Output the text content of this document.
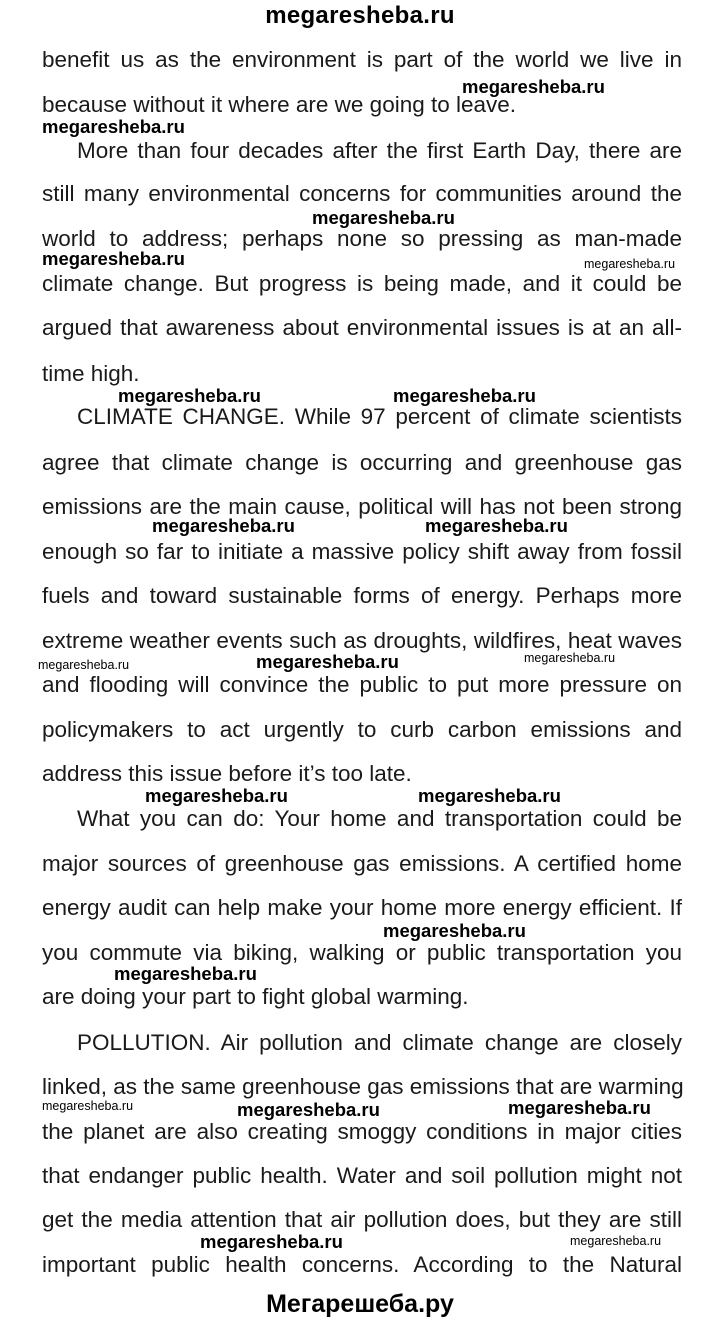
megaresheba.ru
benefit us as the environment is part of the world we live in
because without it where are we going to leave.
More than four decades after the first Earth Day, there are
still many environmental concerns for communities around the
world to address; perhaps none so pressing as man-made
climate change. But progress is being made, and it could be
argued that awareness about environmental issues is at an all-
time high.
CLIMATE CHANGE. While 97 percent of climate scientists
agree that climate change is occurring and greenhouse gas
emissions are the main cause, political will has not been strong
enough so far to initiate a massive policy shift away from fossil
fuels and toward sustainable forms of energy. Perhaps more
extreme weather events such as droughts, wildfires, heat waves
and flooding will convince the public to put more pressure on
policymakers to act urgently to curb carbon emissions and
address this issue before it’s too late.
What you can do: Your home and transportation could be
major sources of greenhouse gas emissions. A certified home
energy audit can help make your home more energy efficient. If
you commute via biking, walking or public transportation you
are doing your part to fight global warming.
POLLUTION. Air pollution and climate change are closely
linked, as the same greenhouse gas emissions that are warming
the planet are also creating smoggy conditions in major cities
that endanger public health. Water and soil pollution might not
get the media attention that air pollution does, but they are still
important public health concerns. According to the Natural
megaresheba.ru
megaresheba.ru
megaresheba.ru
megaresheba.ru	megaresheba.ru
megaresheba.ru	megaresheba.ru
megaresheba.ru	megaresheba.ru
megaresheba.ru	megaresheba.ru	megaresheba.ru
megaresheba.ru	megaresheba.ru
megaresheba.ru
megaresheba.ru
megaresheba.ru	megaresheba.ru	megaresheba.ru
megaresheba.ru	megaresheba.ru
Мегарешеба.ру
